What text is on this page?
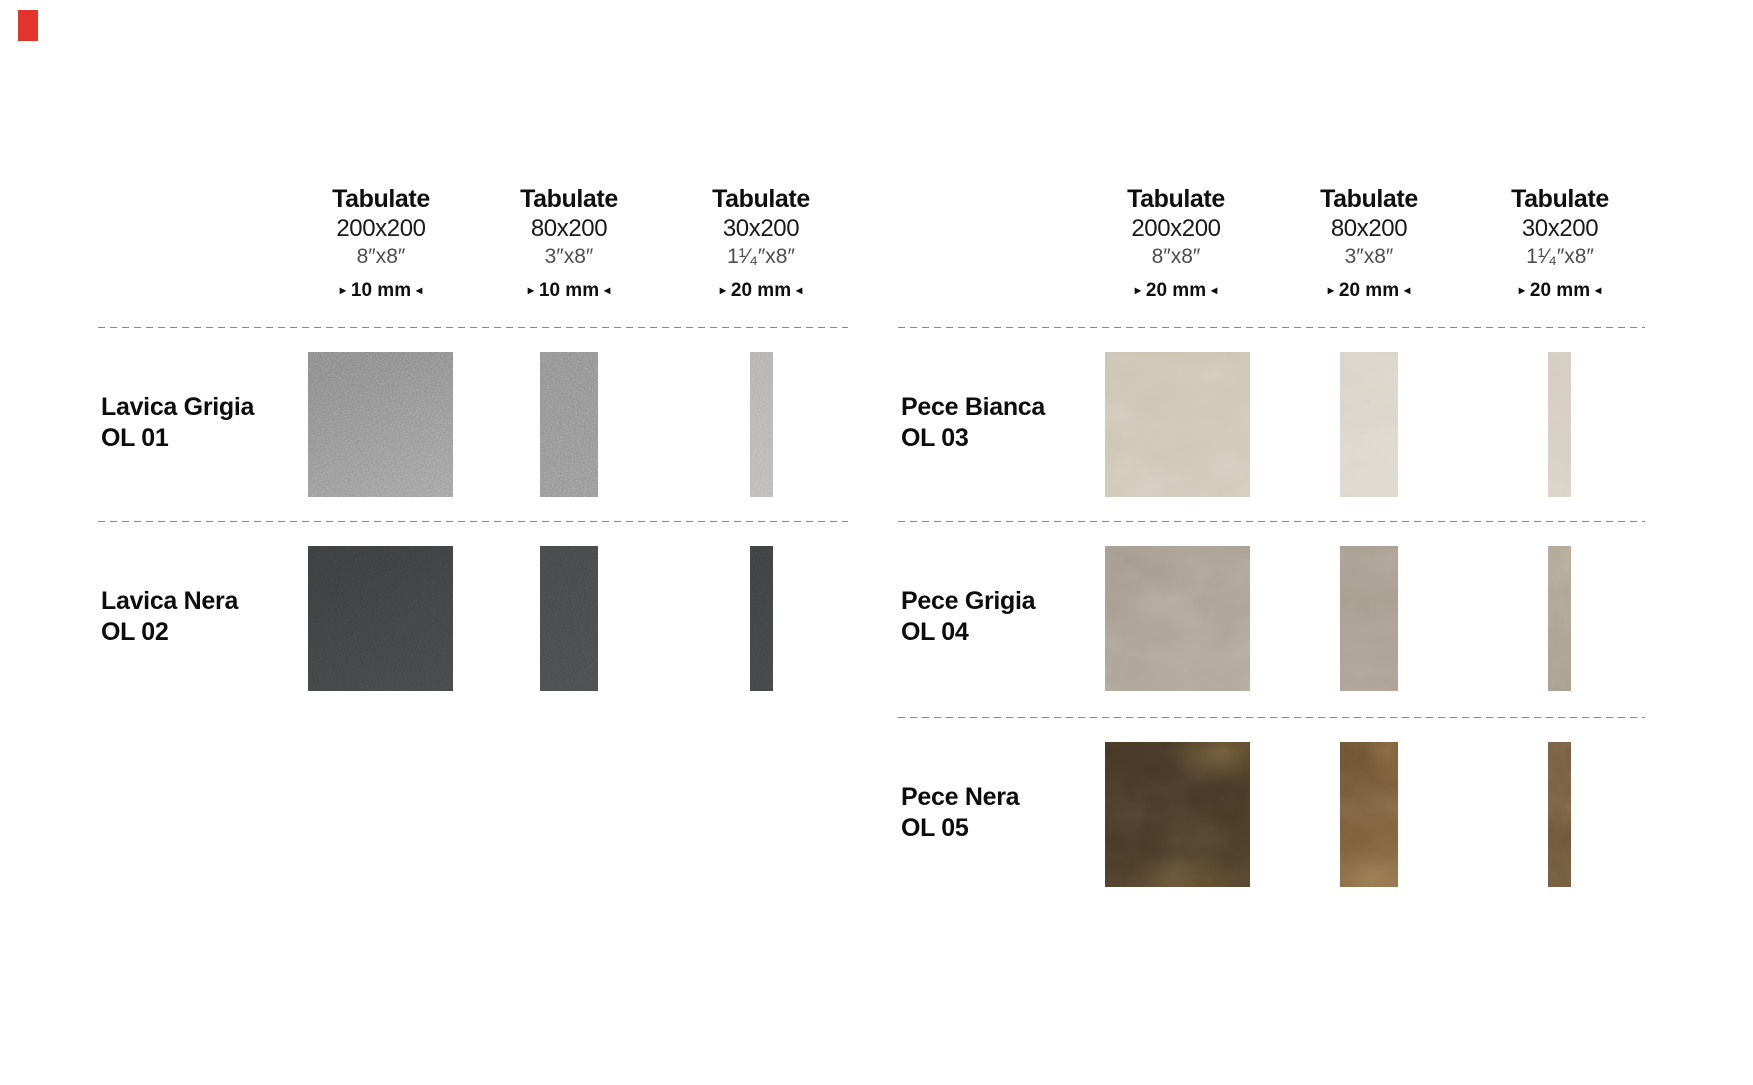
Tabulate
200x200
8″x8″
▸ 10 mm ◂
Tabulate
80x200
3″x8″
▸ 10 mm ◂
Tabulate
30x200
1¹⁄₄″x8″
▸ 20 mm ◂
Lavica Grigia
OL 01
Lavica Nera
OL 02
Tabulate
200x200
8″x8″
▸ 20 mm ◂
Tabulate
80x200
3″x8″
▸ 20 mm ◂
Tabulate
30x200
1¹⁄₄″x8″
▸ 20 mm ◂
Pece Bianca
OL 03
Pece Grigia
OL 04
Pece Nera
OL 05
